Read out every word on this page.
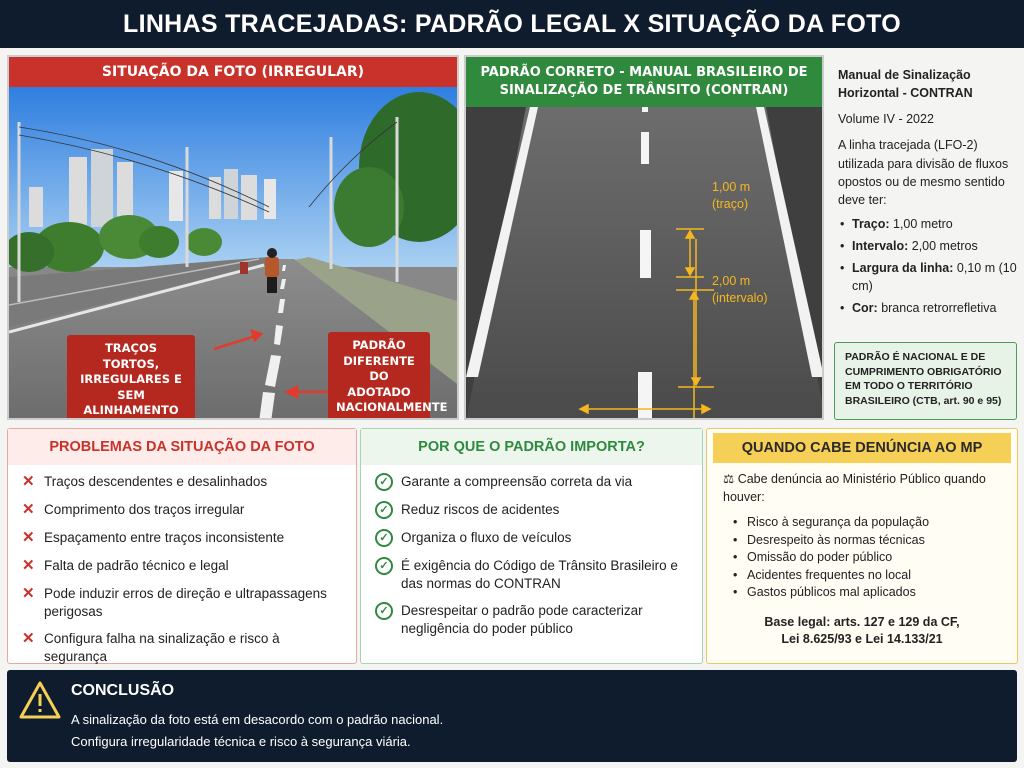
LINHAS TRACEJADAS: PADRÃO LEGAL X SITUAÇÃO DA FOTO
SITUAÇÃO DA FOTO (IRREGULAR)
TRAÇOS TORTOS, IRREGULARES E SEM ALINHAMENTO
PADRÃO DIFERENTE DO ADOTADO NACIONALMENTE
PADRÃO CORRETO - MANUAL BRASILEIRO DE SINALIZAÇÃO DE TRÂNSITO (CONTRAN)
1,00 m
(traço)
2,00 m
(intervalo)
Manual de Sinalização Horizontal - CONTRAN
Volume IV - 2022
A linha tracejada (LFO-2) utilizada para divisão de fluxos opostos ou de mesmo sentido deve ter:
• Traço: 1,00 metro
• Intervalo: 2,00 metros
• Largura da linha: 0,10 m (10 cm)
• Cor: branca retrorrefletiva
PADRÃO É NACIONAL E DE CUMPRIMENTO OBRIGATÓRIO EM TODO O TERRITÓRIO BRASILEIRO (CTB, art. 90 e 95)
PROBLEMAS DA SITUAÇÃO DA FOTO
✕ Traços descendentes e desalinhados
✕ Comprimento dos traços irregular
✕ Espaçamento entre traços inconsistente
✕ Falta de padrão técnico e legal
✕ Pode induzir erros de direção e ultrapassagens perigosas
✕ Configura falha na sinalização e risco à segurança
POR QUE O PADRÃO IMPORTA?
✓ Garante a compreensão correta da via
✓ Reduz riscos de acidentes
✓ Organiza o fluxo de veículos
✓ É exigência do Código de Trânsito Brasileiro e das normas do CONTRAN
✓ Desrespeitar o padrão pode caracterizar negligência do poder público
QUANDO CABE DENÚNCIA AO MP
⚖ Cabe denúncia ao Ministério Público quando houver:
• Risco à segurança da população
• Desrespeito às normas técnicas
• Omissão do poder público
• Acidentes frequentes no local
• Gastos públicos mal aplicados
Base legal: arts. 127 e 129 da CF,
Lei 8.625/93 e Lei 14.133/21
CONCLUSÃO

A sinalização da foto está em desacordo com o padrão nacional.

Configura irregularidade técnica e risco à segurança viária.
